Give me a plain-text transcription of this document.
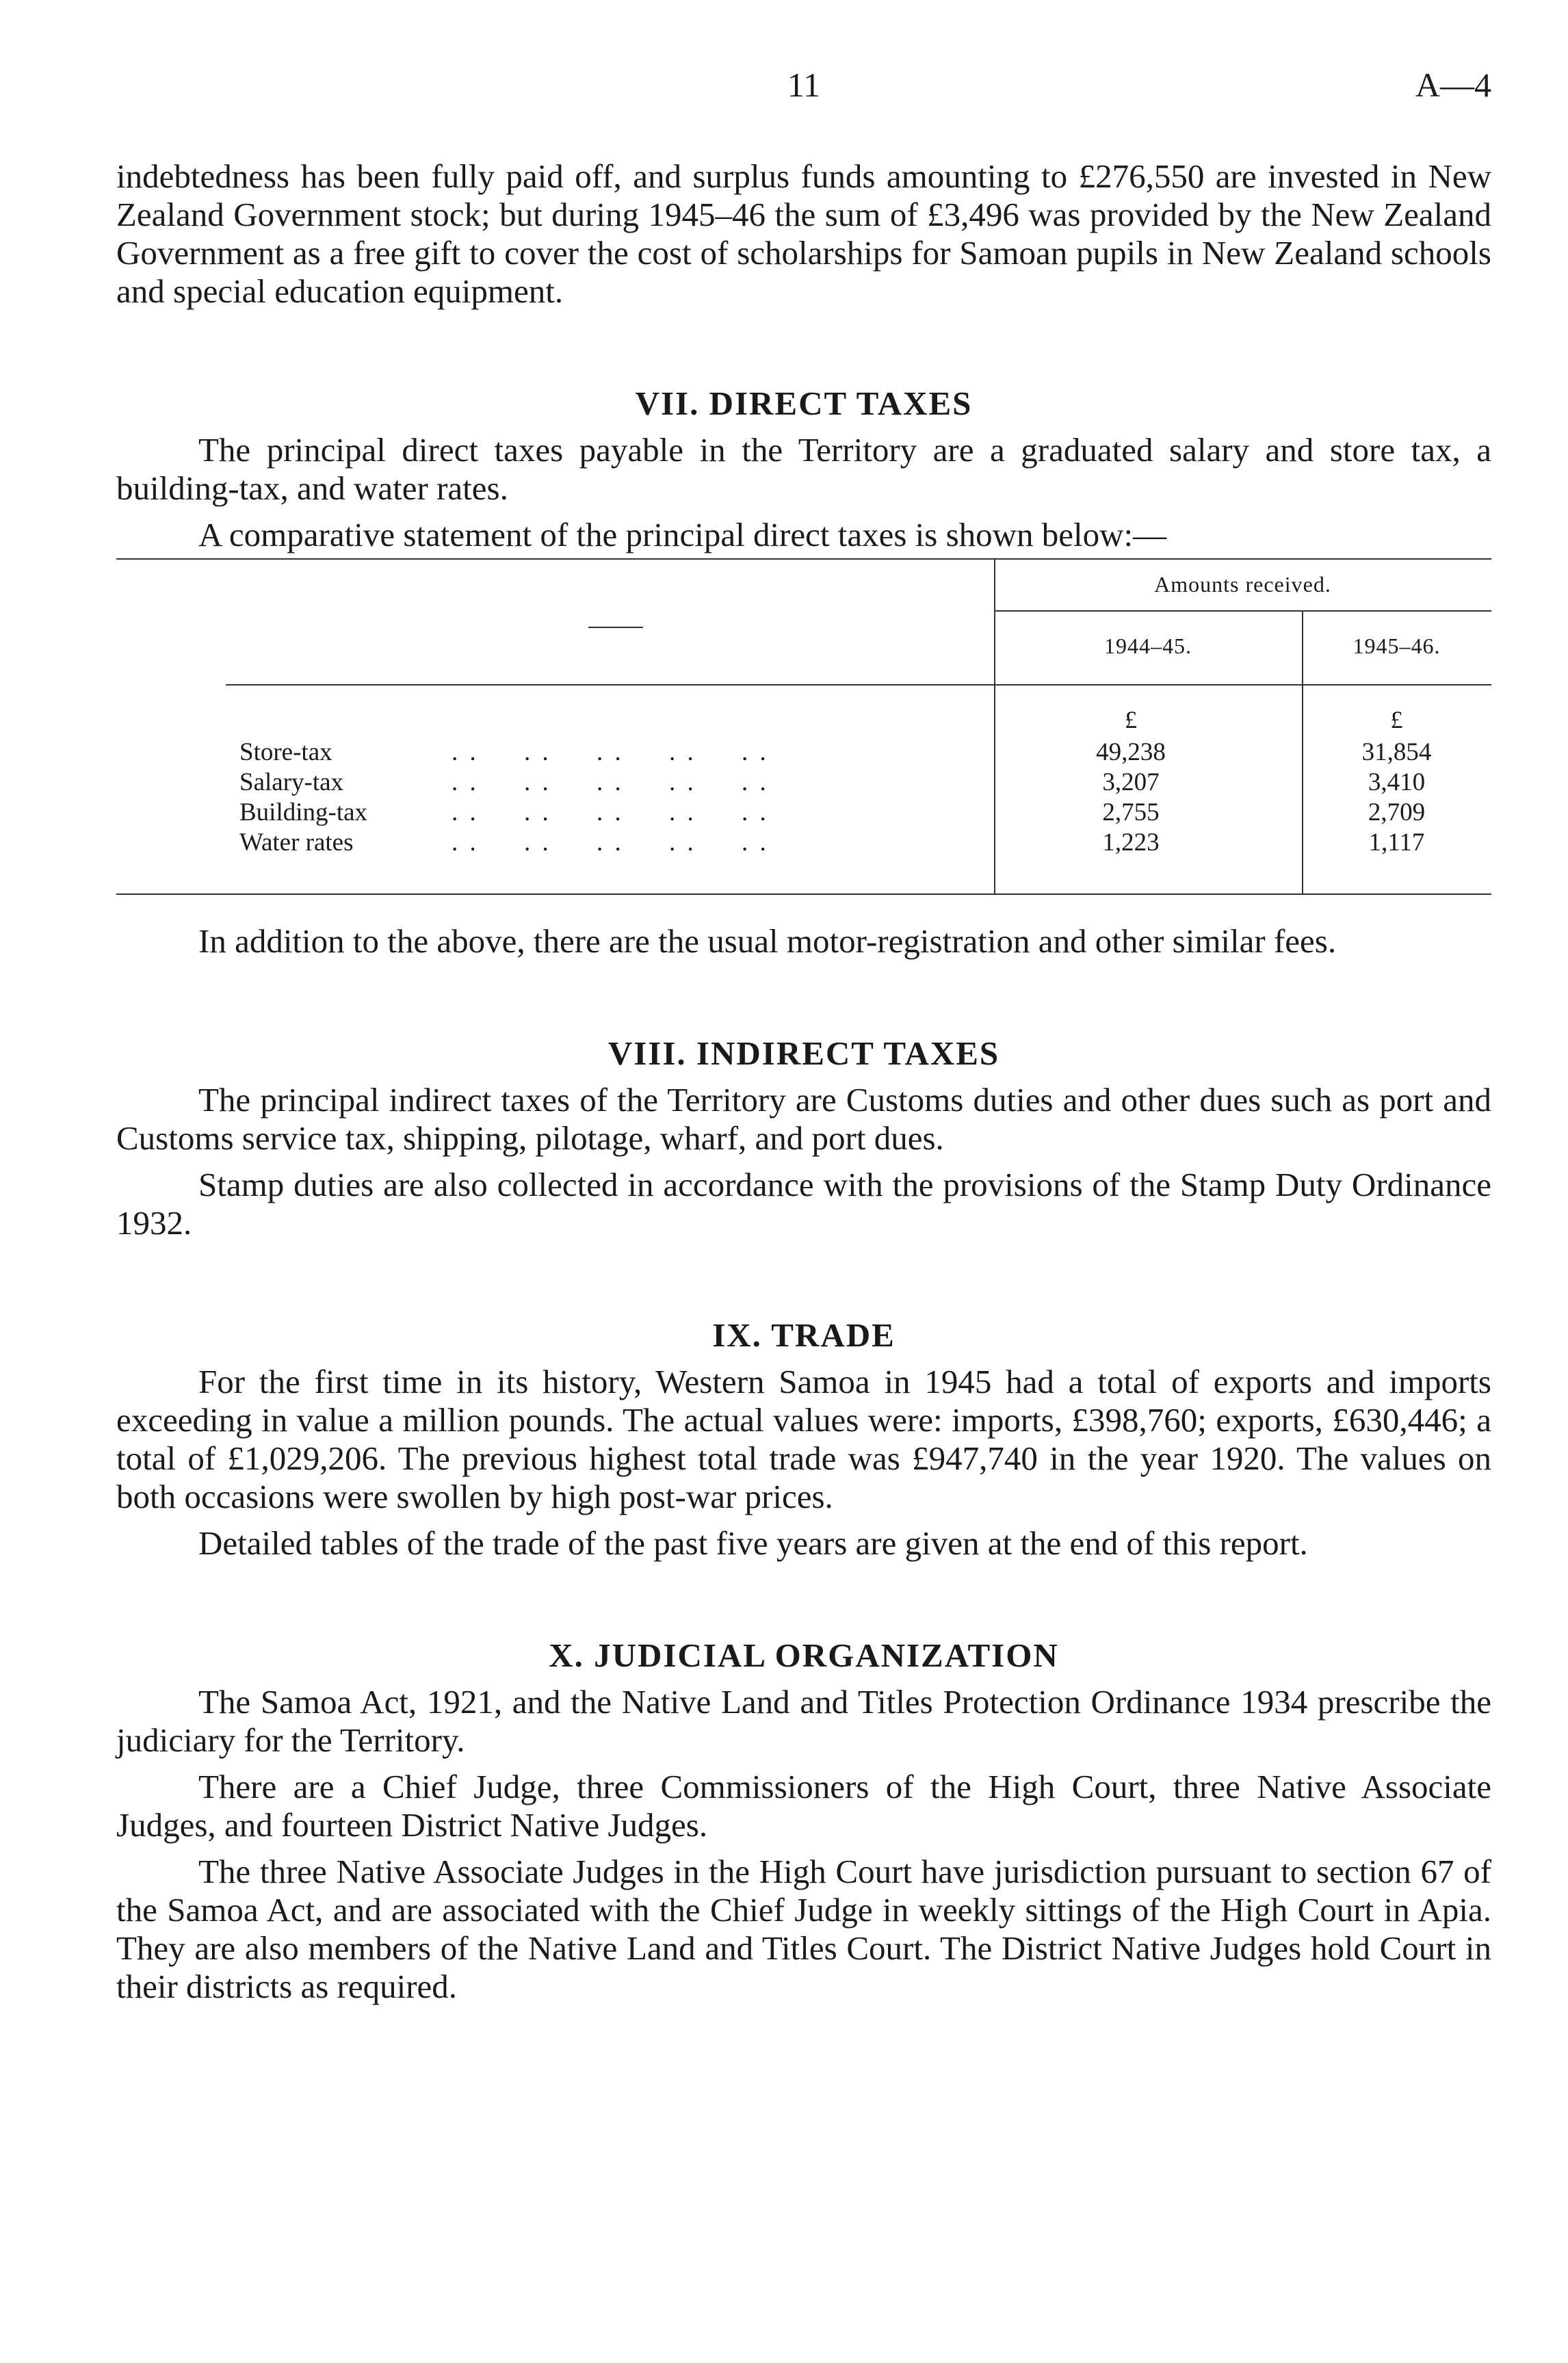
11	A—4

indebtedness has been fully paid off, and surplus funds amounting to £276,550 are invested in New Zealand Government stock; but during 1945–46 the sum of £3,496 was provided by the New Zealand Government as a free gift to cover the cost of scholarships for Samoan pupils in New Zealand schools and special education equipment.

VII. DIRECT TAXES

The principal direct taxes payable in the Territory are a graduated salary and store tax, a building-tax, and water rates.

A comparative statement of the principal direct taxes is shown below:—

Amounts received.
1944–45.	1945–46.
£	£
Store-tax	. .     . .     . .     . .     . .	49,238	31,854
Salary-tax	. .     . .     . .     . .     . .	3,207	3,410
Building-tax	. .     . .     . .     . .     . .	2,755	2,709
Water rates	. .     . .     . .     . .     . .	1,223	1,117

In addition to the above, there are the usual motor-registration and other similar fees.

VIII. INDIRECT TAXES

The principal indirect taxes of the Territory are Customs duties and other dues such as port and Customs service tax, shipping, pilotage, wharf, and port dues.

Stamp duties are also collected in accordance with the provisions of the Stamp Duty Ordinance 1932.

IX. TRADE

For the first time in its history, Western Samoa in 1945 had a total of exports and imports exceeding in value a million pounds. The actual values were: imports, £398,760; exports, £630,446; a total of £1,029,206. The previous highest total trade was £947,740 in the year 1920. The values on both occasions were swollen by high post-war prices.

Detailed tables of the trade of the past five years are given at the end of this report.

X. JUDICIAL ORGANIZATION

The Samoa Act, 1921, and the Native Land and Titles Protection Ordinance 1934 prescribe the judiciary for the Territory.

There are a Chief Judge, three Commissioners of the High Court, three Native Associate Judges, and fourteen District Native Judges.

The three Native Associate Judges in the High Court have jurisdiction pursuant to section 67 of the Samoa Act, and are associated with the Chief Judge in weekly sittings of the High Court in Apia. They are also members of the Native Land and Titles Court. The District Native Judges hold Court in their districts as required.
